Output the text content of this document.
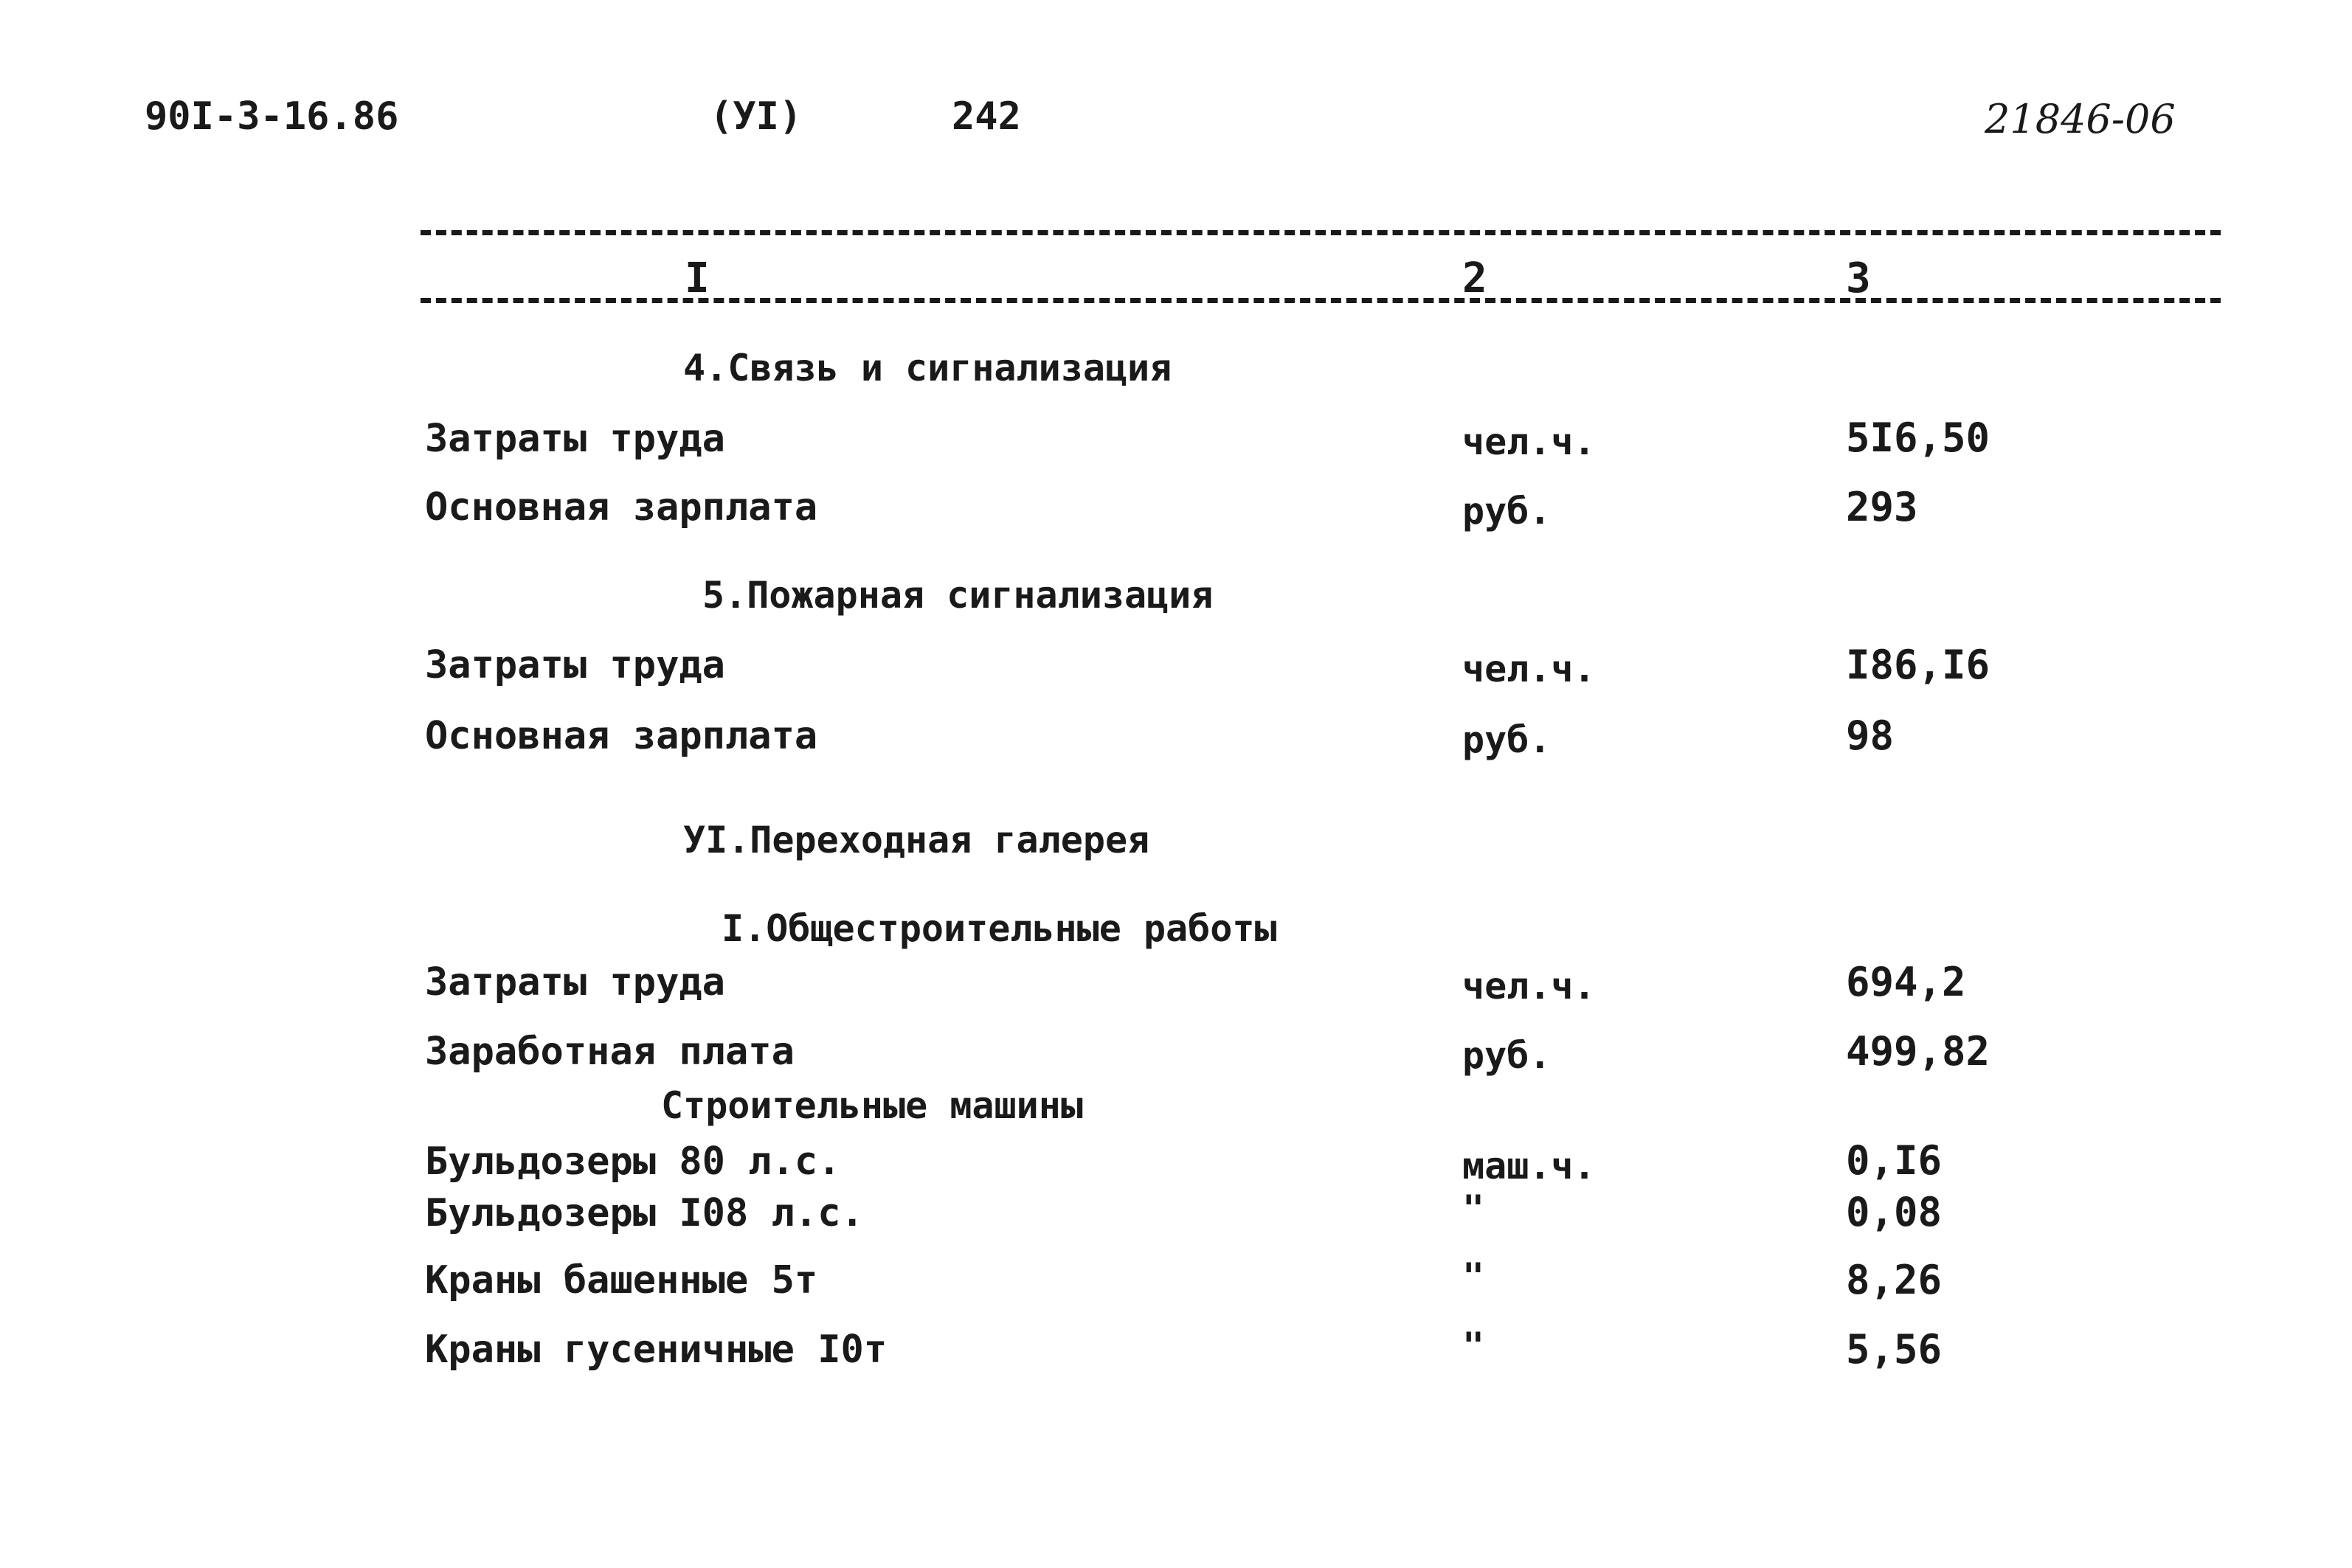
90I-3-16.86	(УI)	242	21846-06
I	2	3
4.Связь и сигнализация
Затраты труда	чел.ч.	5I6,50
Основная зарплата	руб.	293
5.Пожарная сигнализация
Затраты труда	чел.ч.	I86,I6
Основная зарплата	руб.	98
УI.Переходная галерея
I.Общестроительные работы
Затраты труда	чел.ч.	694,2
Заработная плата	руб.	499,82
Строительные машины
Бульдозеры 80 л.с.	маш.ч.	0,I6
Бульдозеры I08 л.с.	"	0,08
Краны башенные 5т	"	8,26
Краны гусеничные I0т	"	5,56
